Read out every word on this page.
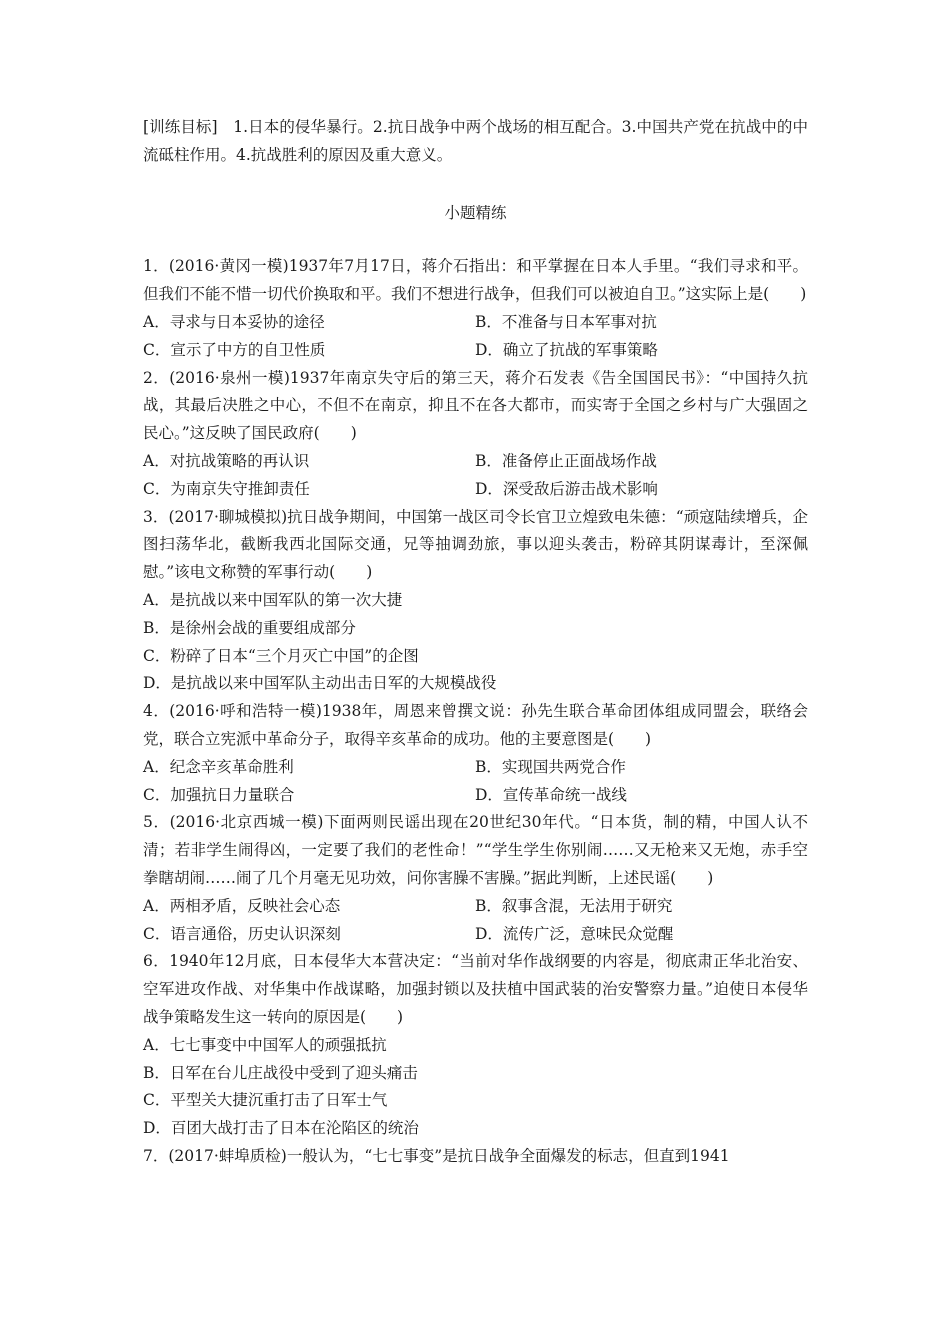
[训练目标]　1.日本的侵华暴行。2.抗日战争中两个战场的相互配合。3.中国共产党在抗战中的中流砥柱作用。4.抗战胜利的原因及重大意义。

小题精练

1．(2016·黄冈一模)1937年7月17日，蒋介石指出：和平掌握在日本人手里。“我们寻求和平。但我们不能不惜一切代价换取和平。我们不想进行战争，但我们可以被迫自卫。”这实际上是(　　)

A．寻求与日本妥协的途径	B．不准备与日本军事对抗

C．宣示了中方的自卫性质	D．确立了抗战的军事策略

2．(2016·泉州一模)1937年南京失守后的第三天，蒋介石发表《告全国国民书》：“中国持久抗战，其最后决胜之中心，不但不在南京，抑且不在各大都市，而实寄于全国之乡村与广大强固之民心。”这反映了国民政府(　　)

A．对抗战策略的再认识	B．准备停止正面战场作战

C．为南京失守推卸责任	D．深受敌后游击战术影响

3．(2017·聊城模拟)抗日战争期间，中国第一战区司令长官卫立煌致电朱德：“顽寇陆续增兵，企图扫荡华北，截断我西北国际交通，兄等抽调劲旅，事以迎头袭击，粉碎其阴谋毒计，至深佩慰。”该电文称赞的军事行动(　　)

A．是抗战以来中国军队的第一次大捷

B．是徐州会战的重要组成部分

C．粉碎了日本“三个月灭亡中国”的企图

D．是抗战以来中国军队主动出击日军的大规模战役

4．(2016·呼和浩特一模)1938年，周恩来曾撰文说：孙先生联合革命团体组成同盟会，联络会党，联合立宪派中革命分子，取得辛亥革命的成功。他的主要意图是(　　)

A．纪念辛亥革命胜利	B．实现国共两党合作

C．加强抗日力量联合	D．宣传革命统一战线

5．(2016·北京西城一模)下面两则民谣出现在20世纪30年代。“日本货，制的精，中国人认不清；若非学生闹得凶，一定要了我们的老性命！”“学生学生你别闹……又无枪来又无炮，赤手空拳瞎胡闹……闹了几个月毫无见功效，问你害臊不害臊。”据此判断，上述民谣(　　)

A．两相矛盾，反映社会心态	B．叙事含混，无法用于研究

C．语言通俗，历史认识深刻	D．流传广泛，意味民众觉醒

6．1940年12月底，日本侵华大本营决定：“当前对华作战纲要的内容是，彻底肃正华北治安、空军进攻作战、对华集中作战谋略，加强封锁以及扶植中国武装的治安警察力量。”迫使日本侵华战争策略发生这一转向的原因是(　　)

A．七七事变中中国军人的顽强抵抗

B．日军在台儿庄战役中受到了迎头痛击

C．平型关大捷沉重打击了日军士气

D．百团大战打击了日本在沦陷区的统治

7．(2017·蚌埠质检)一般认为，“七七事变”是抗日战争全面爆发的标志，但直到1941
